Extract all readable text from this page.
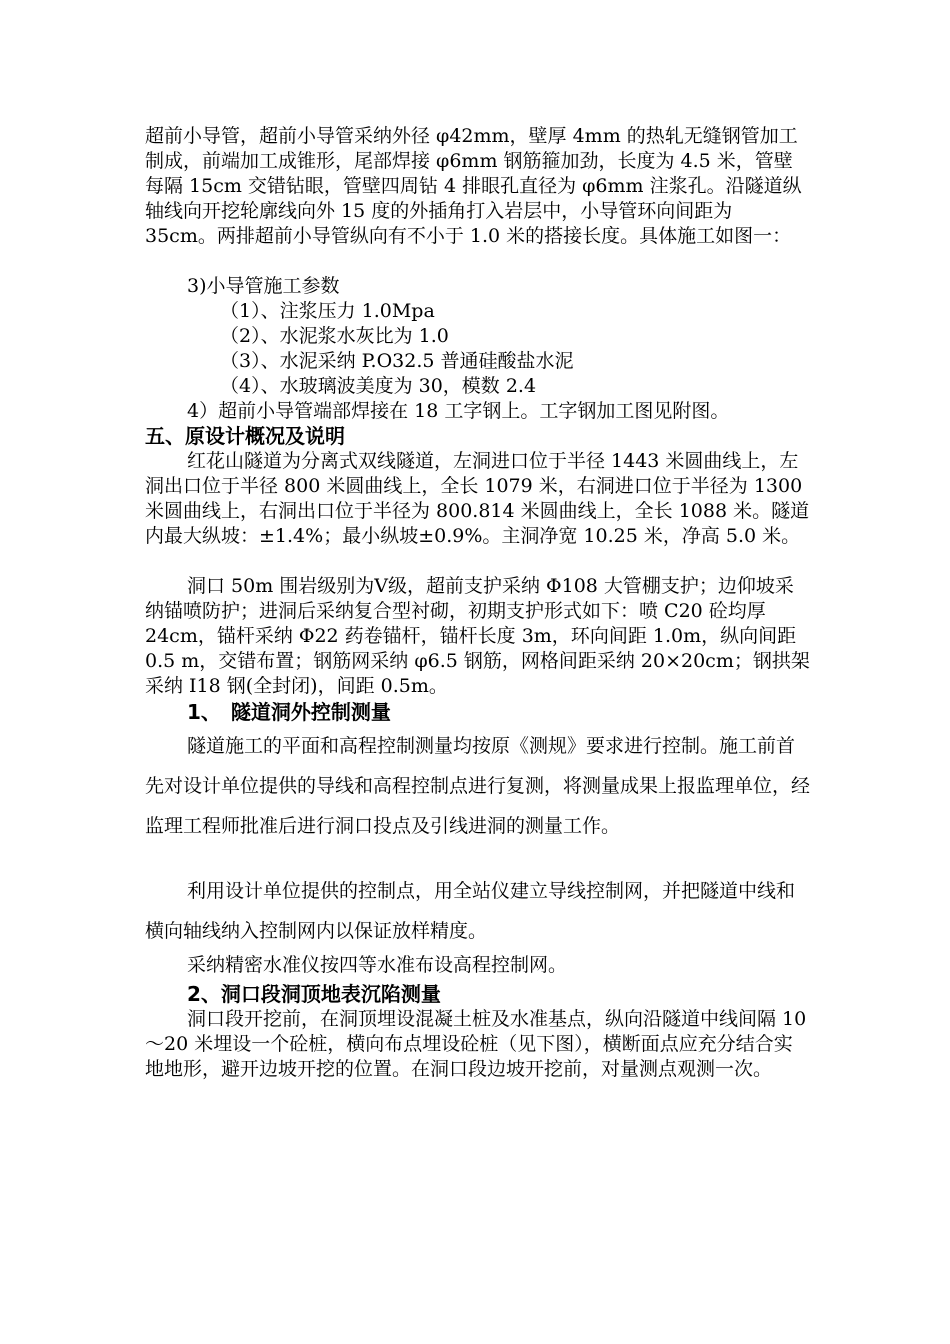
超前小导管，超前小导管采纳外径 φ42mm，壁厚 4mm 的热轧无缝钢管加工制成，前端加工成锥形，尾部焊接 φ6mm 钢筋箍加劲，长度为 4.5 米，管壁每隔 15cm 交错钻眼，管壁四周钻 4 排眼孔直径为 φ6mm 注浆孔。沿隧道纵轴线向开挖轮廓线向外 15 度的外插角打入岩层中，小导管环向间距为 35cm。两排超前小导管纵向有不小于 1.0 米的搭接长度。具体施工如图一：

3)小导管施工参数

（1）、注浆压力 1.0Mpa

（2）、水泥浆水灰比为 1.0

（3）、水泥采纳 P.O32.5 普通硅酸盐水泥

（4）、水玻璃波美度为 30，模数 2.4

4）超前小导管端部焊接在 18 工字钢上。工字钢加工图见附图。

五、原设计概况及说明

红花山隧道为分离式双线隧道，左洞进口位于半径 1443 米圆曲线上，左洞出口位于半径 800 米圆曲线上，全长 1079 米，右洞进口位于半径为 1300 米圆曲线上，右洞出口位于半径为 800.814 米圆曲线上，全长 1088 米。隧道内最大纵坡：±1.4%；最小纵坡±0.9%。主洞净宽 10.25 米，净高 5.0 米。

洞口 50m 围岩级别为Ⅴ级，超前支护采纳 Φ108 大管棚支护；边仰坡采纳锚喷防护；进洞后采纳复合型衬砌，初期支护形式如下：喷 C20 砼均厚 24cm，锚杆采纳 Φ22 药卷锚杆，锚杆长度 3m，环向间距 1.0m，纵向间距 0.5 m，交错布置；钢筋网采纳 φ6.5 钢筋，网格间距采纳 20×20cm；钢拱架采纳 I18 钢(全封闭)，间距 0.5m。

1、　隧道洞外控制测量

隧道施工的平面和高程控制测量均按原《测规》要求进行控制。施工前首先对设计单位提供的导线和高程控制点进行复测，将测量成果上报监理单位，经监理工程师批准后进行洞口投点及引线进洞的测量工作。

利用设计单位提供的控制点，用全站仪建立导线控制网，并把隧道中线和横向轴线纳入控制网内以保证放样精度。

采纳精密水准仪按四等水准布设高程控制网。

2、洞口段洞顶地表沉陷测量

洞口段开挖前，在洞顶埋设混凝土桩及水准基点，纵向沿隧道中线间隔 10～20 米埋设一个砼桩，横向布点埋设砼桩（见下图），横断面点应充分结合实地地形，避开边坡开挖的位置。在洞口段边坡开挖前，对量测点观测一次。
